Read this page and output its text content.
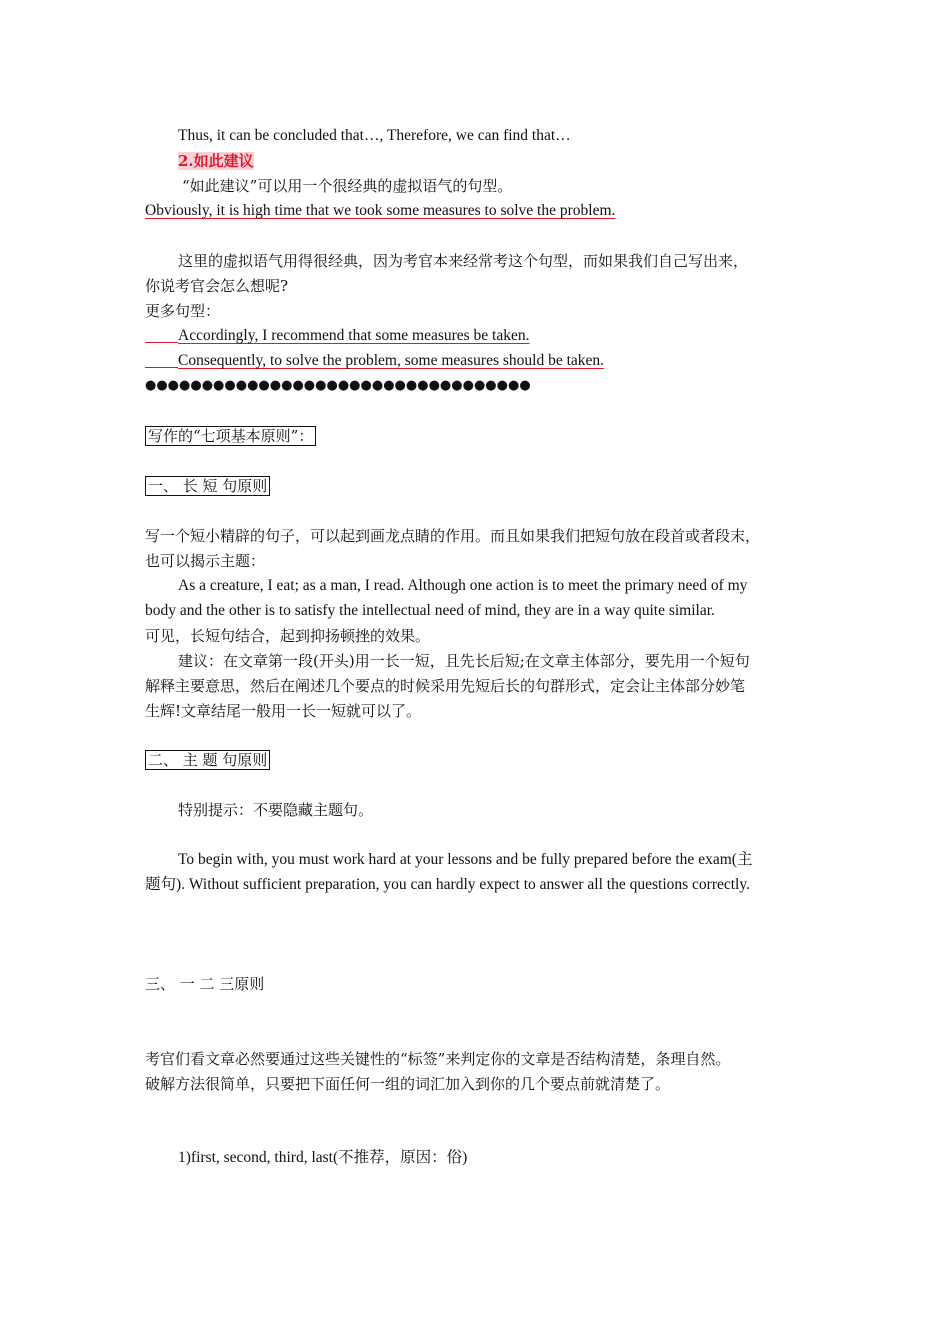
Thus, it can be concluded that…, Therefore, we can find that…
2.如此建议
“如此建议”可以用一个很经典的虚拟语气的句型。
Obviously, it is high time that we took some measures to solve the problem.
这里的虚拟语气用得很经典，因为考官本来经常考这个句型，而如果我们自己写出来，
你说考官会怎么想呢?
更多句型：
Accordingly, I recommend that some measures be taken.
Consequently, to solve the problem, some measures should be taken.
●●●●●●●●●●●●●●●●●●●●●●●●●●●●●●●●●●
写作的“七项基本原则”：
一、 长 短 句原则
写一个短小精辟的句子，可以起到画龙点睛的作用。而且如果我们把短句放在段首或者段末，
也可以揭示主题：
As a creature, I eat; as a man, I read. Although one action is to meet the primary need of my
body and the other is to satisfy the intellectual need of mind, they are in a way quite similar.
可见，长短句结合，起到抑扬顿挫的效果。
建议：在文章第一段(开头)用一长一短，且先长后短;在文章主体部分，要先用一个短句
解释主要意思，然后在阐述几个要点的时候采用先短后长的句群形式，定会让主体部分妙笔
生辉!文章结尾一般用一长一短就可以了。
二、 主 题 句原则
特别提示：不要隐藏主题句。
To begin with, you must work hard at your lessons and be fully prepared before the exam(主
题句). Without sufficient preparation, you can hardly expect to answer all the questions correctly.
三、 一 二 三原则
考官们看文章必然要通过这些关键性的“标签”来判定你的文章是否结构清楚，条理自然。
破解方法很简单，只要把下面任何一组的词汇加入到你的几个要点前就清楚了。
1)first, second, third, last(不推荐，原因：俗)
